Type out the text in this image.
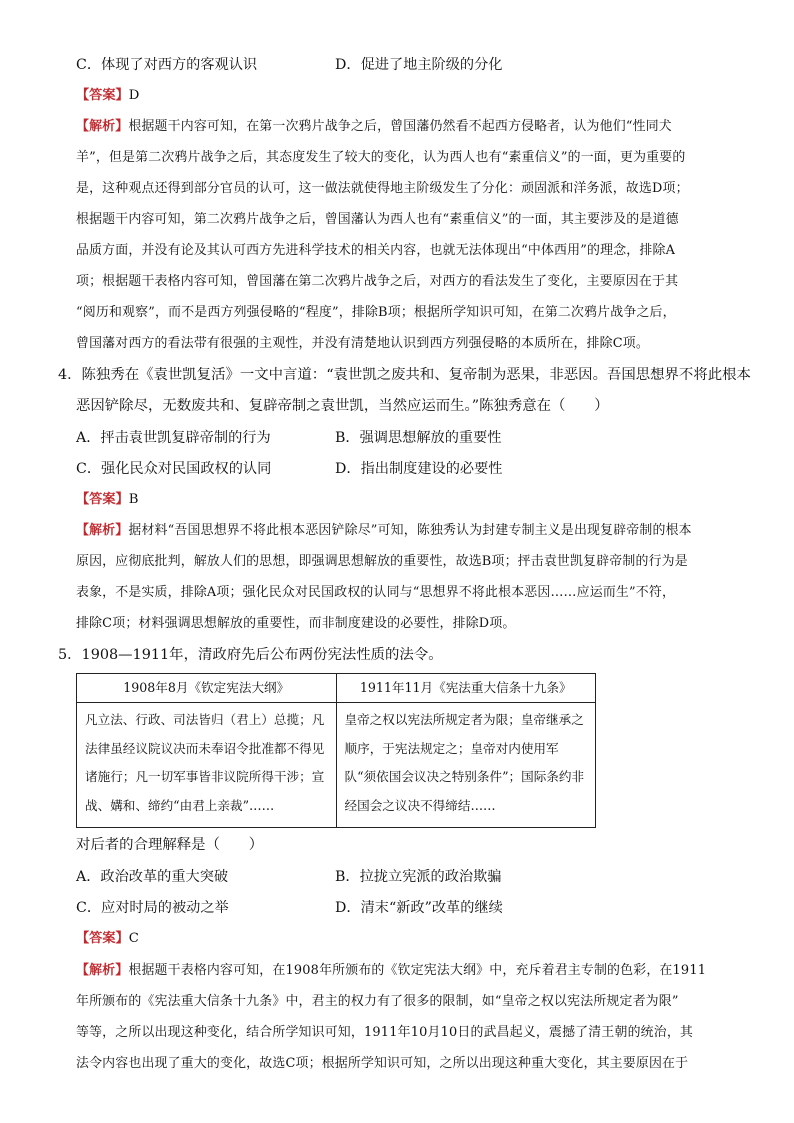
C．体现了对西方的客观认识	D．促进了地主阶级的分化
【答案】D
【解析】根据题干内容可知，在第一次鸦片战争之后，曾国藩仍然看不起西方侵略者，认为他们“性同犬
羊”，但是第二次鸦片战争之后，其态度发生了较大的变化，认为西人也有“素重信义”的一面，更为重要的
是，这种观点还得到部分官员的认可，这一做法就使得地主阶级发生了分化：顽固派和洋务派，故选D项；
根据题干内容可知，第二次鸦片战争之后，曾国藩认为西人也有“素重信义”的一面，其主要涉及的是道德
品质方面，并没有论及其认可西方先进科学技术的相关内容，也就无法体现出“中体西用”的理念，排除A
项；根据题干表格内容可知，曾国藩在第二次鸦片战争之后，对西方的看法发生了变化，主要原因在于其
“阅历和观察”，而不是西方列强侵略的“程度”，排除B项；根据所学知识可知，在第二次鸦片战争之后，
曾国藩对西方的看法带有很强的主观性，并没有清楚地认识到西方列强侵略的本质所在，排除C项。
4．陈独秀在《袁世凯复活》一文中言道：“袁世凯之废共和、复帝制为恶果，非恶因。吾国思想界不将此根本
恶因铲除尽，无数废共和、复辟帝制之袁世凯，当然应运而生。”陈独秀意在（　　）
A．抨击袁世凯复辟帝制的行为	B．强调思想解放的重要性
C．强化民众对民国政权的认同	D．指出制度建设的必要性
【答案】B
【解析】据材料“吾国思想界不将此根本恶因铲除尽”可知，陈独秀认为封建专制主义是出现复辟帝制的根本
原因，应彻底批判，解放人们的思想，即强调思想解放的重要性，故选B项；抨击袁世凯复辟帝制的行为是
表象，不是实质，排除A项；强化民众对民国政权的认同与“思想界不将此根本恶因……应运而生”不符，
排除C项；材料强调思想解放的重要性，而非制度建设的必要性，排除D项。
5．1908—1911年，清政府先后公布两份宪法性质的法令。
1908年8月《钦定宪法大纲》	1911年11月《宪法重大信条十九条》
凡立法、行政、司法皆归（君上）总揽；凡法律虽经议院议决而未奉诏令批准都不得见诸施行；凡一切军事皆非议院所得干涉；宣战、媾和、缔约“由君上亲裁”……	皇帝之权以宪法所规定者为限；皇帝继承之顺序，于宪法规定之；皇帝对内使用军队“须依国会议决之特别条件”；国际条约非经国会之议决不得缔结……
对后者的合理解释是（　　）
A．政治改革的重大突破	B．拉拢立宪派的政治欺骗
C．应对时局的被动之举	D．清末“新政”改革的继续
【答案】C
【解析】根据题干表格内容可知，在1908年所颁布的《钦定宪法大纲》中，充斥着君主专制的色彩，在1911
年所颁布的《宪法重大信条十九条》中，君主的权力有了很多的限制，如“皇帝之权以宪法所规定者为限”
等等，之所以出现这种变化，结合所学知识可知，1911年10月10日的武昌起义，震撼了清王朝的统治，其
法令内容也出现了重大的变化，故选C项；根据所学知识可知，之所以出现这种重大变化，其主要原因在于
